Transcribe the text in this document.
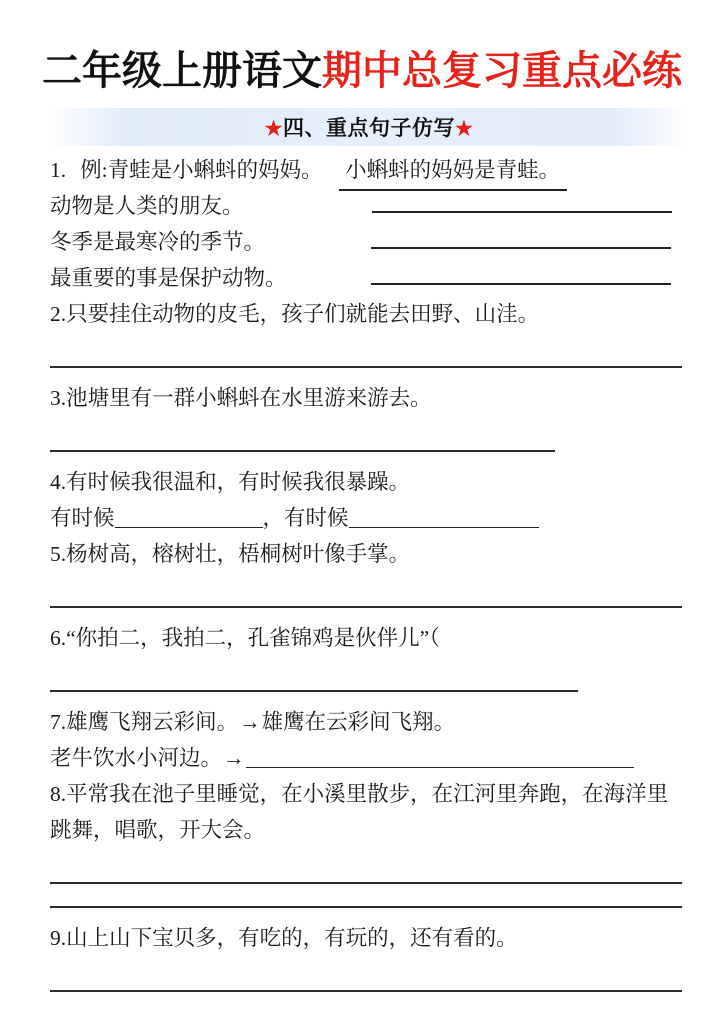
二年级上册语文期中总复习重点必练
★四、重点句子仿写★
1. 例:青蛙是小蝌蚪的妈妈。 小蝌蚪的妈妈是青蛙。
动物是人类的朋友。
冬季是最寒冷的季节。
最重要的事是保护动物。
2.只要挂住动物的皮毛，孩子们就能去田野、山洼。
3.池塘里有一群小蝌蚪在水里游来游去。
4.有时候我很温和，有时候我很暴躁。
有时候	，有时候
5.杨树高，榕树壮，梧桐树叶像手掌。
6.“你拍二，我拍二，孔雀锦鸡是伙伴儿”（
7.雄鹰飞翔云彩间。→雄鹰在云彩间飞翔。
老牛饮水小河边。→
8.平常我在池子里睡觉，在小溪里散步，在江河里奔跑，在海洋里跳舞，唱歌，开大会。
9.山上山下宝贝多，有吃的，有玩的，还有看的。
